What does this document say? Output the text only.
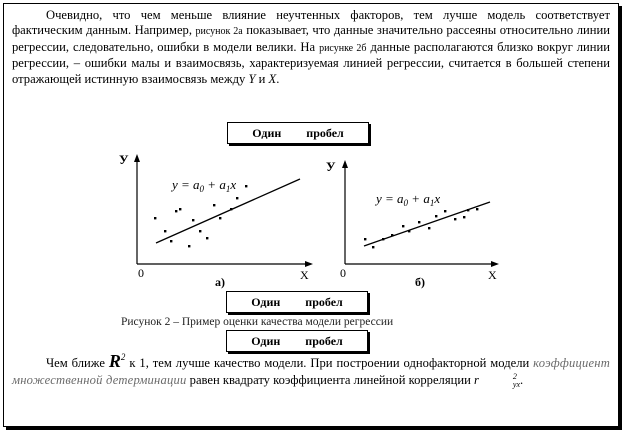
Очевидно, что чем меньше влияние неучтенных факторов, тем лучше модель соответствует фактическим данным. Например, рисунок 2а показывает, что данные значительно рассеяны относительно линии регрессии, следовательно, ошибки в модели велики. На рисунке 2б данные располагаются близко вокруг линии регрессии, – ошибки малы и взаимосвязь, характеризуемая линией регрессии, считается в большей степени отражающей истинную взаимосвязь между Y и X.
Один пробел
У
Х
0
а)
$y = a_0 + a_1x$
У
Х
0
б)
$y = a_0 + a_1x$
Один пробел
Рисунок 2 – Пример оценки качества модели регрессии
Один пробел
Чем ближе $R^2$ к 1, тем лучше качество модели. При построении однофакторной модели коэффициент множественной детерминации равен квадрату коэффициента линейной корреляции r	2
yx .
